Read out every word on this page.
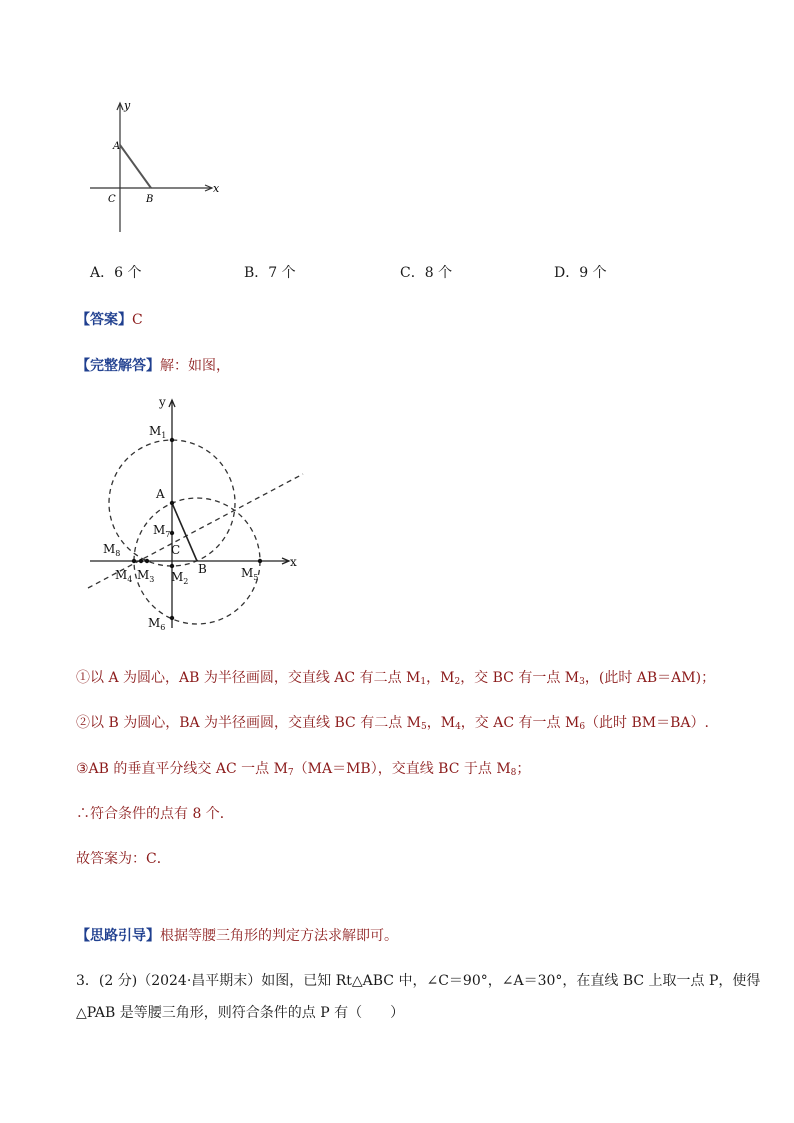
y
x
A
C	B
A．6 个	B．7 个	C．8 个	D．9 个
【答案】C
【完整解答】解：如图，
y
x
A
C
B
$M_1$
$M_7$
$M_8$
$M_4$ $M_3$ $M_2$
$M_5$
$M_6$
①以 A 为圆心，AB 为半径画圆，交直线 AC 有二点 $M_1$，$M_2$，交 BC 有一点 $M_3$，(此时 AB＝AM)；
②以 B 为圆心，BA 为半径画圆，交直线 BC 有二点 $M_5$，$M_4$，交 AC 有一点 $M_6$（此时 BM＝BA）.
③AB 的垂直平分线交 AC 一点 $M_7(MA=MB)$，交直线 BC 于点 $M_8$；
∴符合条件的点有 8 个．
故答案为：C．
【思路引导】根据等腰三角形的判定方法求解即可。
3．(2 分)（2024·昌平期末）如图，已知 Rt△ABC 中，∠C＝90°，∠A＝30°，在直线 BC 上取一点 P，使得
△PAB 是等腰三角形，则符合条件的点 P 有（　　）
